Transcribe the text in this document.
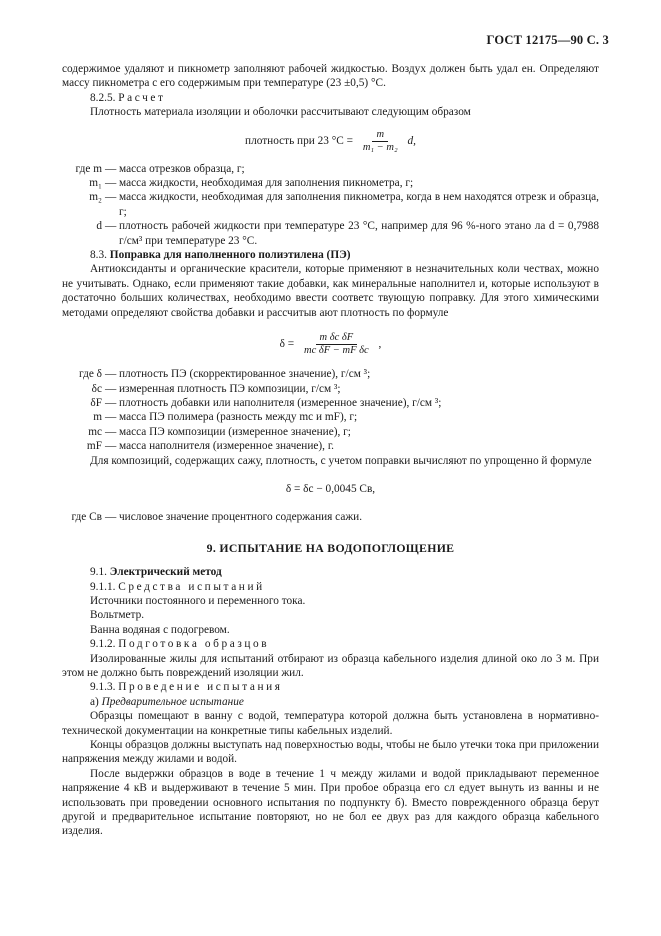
ГОСТ 12175—90 С. 3

содержимое удаляют и пикнометр заполняют рабочей жидкостью. Воздух должен быть удал ен. Определяют массу пикнометра с его содержимым при температуре (23 ±0,5) °С.

8.2.5. Расчет

Плотность материала изоляции и оболочки рассчитывают следующим образом

плотность при 23 $^\circ С = \frac{m}{\text{m₁ − m₂}} d$,
где m	—	масса отрезков образца, г;
m₁	—	масса жидкости, необходимая для заполнения пикнометра, г;
m₂	—	масса жидкости, необходимая для заполнения пикнометра, когда в нем находятся отрезк и образца, г;
d	—	плотность рабочей жидкости при температуре 23 °С, например для 96 %-ного этано ла d = 0,7988 г/см³ при температуре 23 °С.

8.3. Поправка для наполненного полиэтилена (ПЭ)

Антиоксиданты и органические красители, которые применяют в незначительных коли чествах, можно не учитывать. Однако, если применяют такие добавки, как минеральные наполнител и, которые используют в достаточно больших количествах, необходимо ввести соответс твующую поправку. Для этого химическими методами определяют свойства добавки и рассчитыв ают плотность по формуле

$\delta = \frac{\text{m δc δF}}{\text{mc δF − mF δc}}$ ,
где δ	—	плотность ПЭ (скорректированное значение), г/см ³;
δc	—	измеренная плотность ПЭ композиции, г/см ³;
δF	—	плотность добавки или наполнителя (измеренное значение), г/см ³;
m	—	масса ПЭ полимера (разность между mc и mF), г;
mc	—	масса ПЭ композиции (измеренное значение), г;
mF	—	масса наполнителя (измеренное значение), г.

Для композиций, содержащих сажу, плотность, с учетом поправки вычисляют по упрощенно й формуле

δ = δc − 0,0045 Cв,
где Cв	—	числовое значение процентного содержания сажи.
9. ИСПЫТАНИЕ НА ВОДОПОГЛОЩЕНИЕ

9.1. Электрический метод

9.1.1. Средства испытаний

Источники постоянного и переменного тока.

Вольтметр.

Ванна водяная с подогревом.

9.1.2. Подготовка образцов

Изолированные жилы для испытаний отбирают из образца кабельного изделия длиной око ло 3 м. При этом не должно быть повреждений изоляции жил.

9.1.3. Проведение испытания

а) Предварительное испытание

Образцы помещают в ванну с водой, температура которой должна быть установлена в нормативно-технической документации на конкретные типы кабельных изделий.

Концы образцов должны выступать над поверхностью воды, чтобы не было утечки тока при приложении напряжения между жилами и водой.

После выдержки образцов в воде в течение 1 ч между жилами и водой прикладывают переменное напряжение 4 кВ и выдерживают в течение 5 мин. При пробое образца его сл едует вынуть из ванны и не использовать при проведении основного испытания по подпункту б). Вместо поврежденного образца берут другой и предварительное испытание повторяют, но не бол ее двух раз для каждого образца кабельного изделия.
